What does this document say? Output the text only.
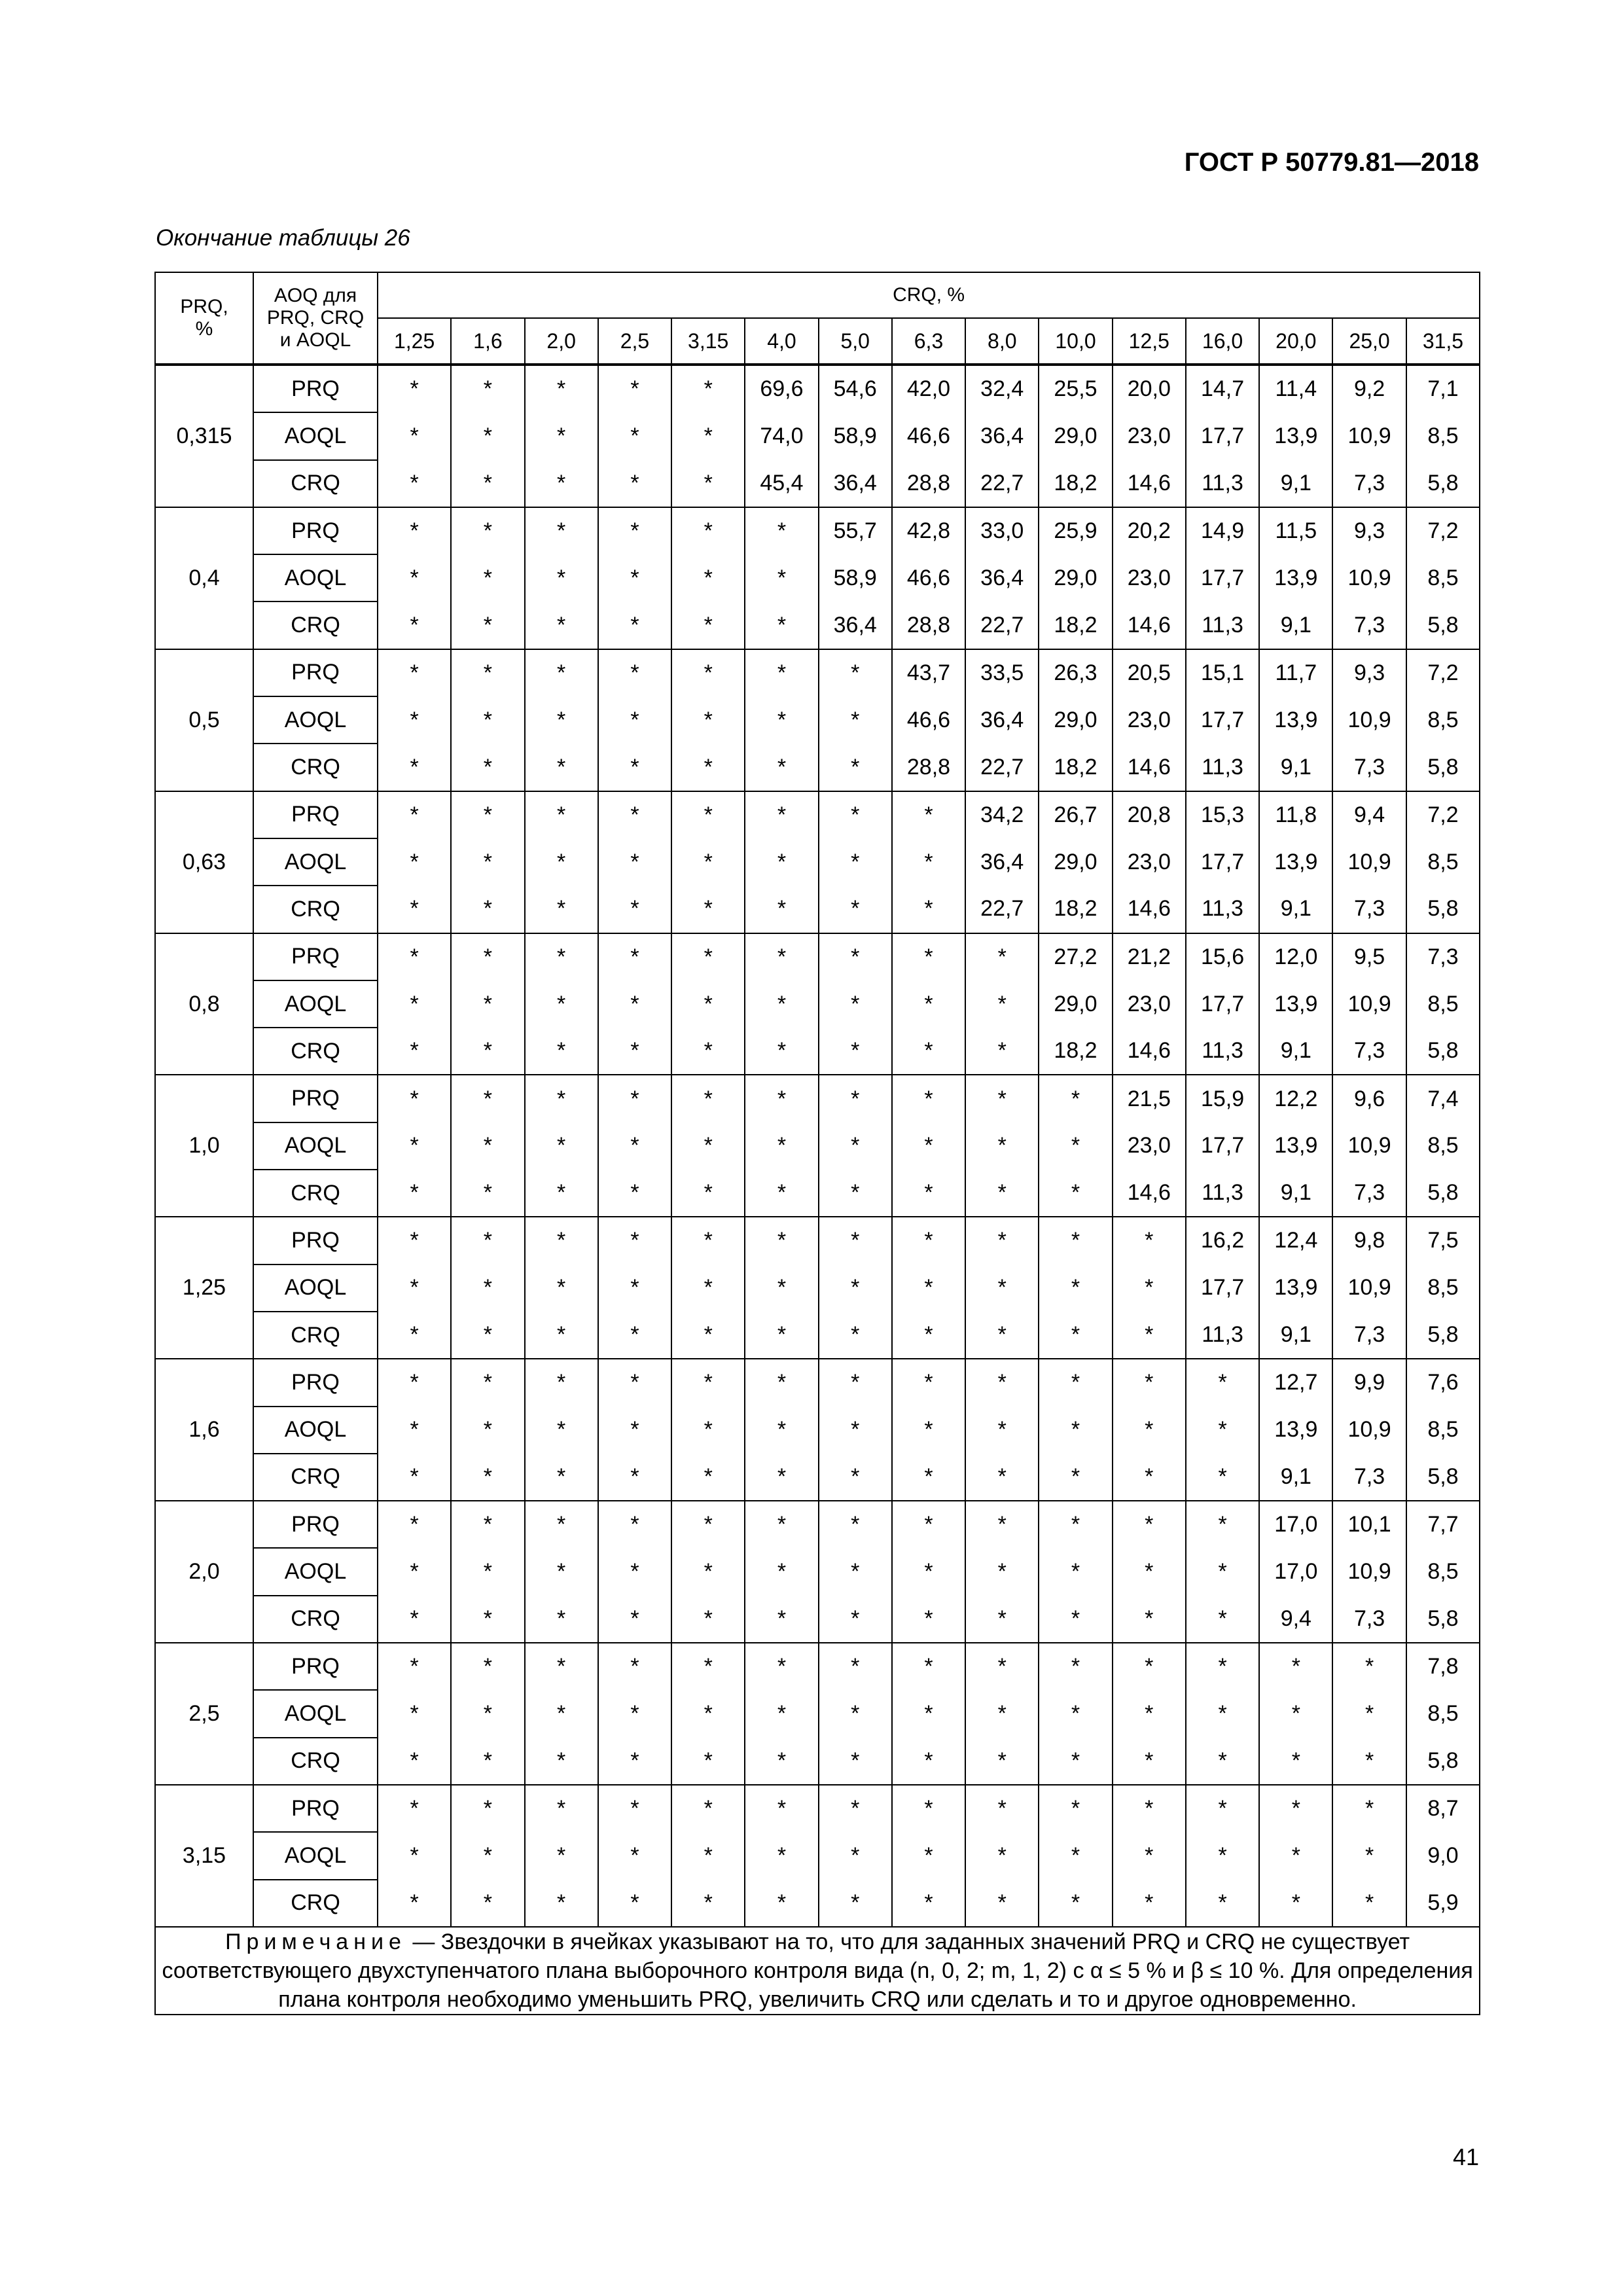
ГОСТ Р 50779.81—2018
Окончание таблицы 26
PRQ,
%	AOQ для
PRQ, CRQ
и AOQL	CRQ, %														
		1,25	1,6	2,0	2,5	3,15	4,0	5,0	6,3	8,0	10,0	12,5	16,0	20,0	25,0	31,5
0,315	PRQ	*	*	*	*	*	69,6	54,6	42,0	32,4	25,5	20,0	14,7	11,4	9,2	7,1
	AOQL	*	*	*	*	*	74,0	58,9	46,6	36,4	29,0	23,0	17,7	13,9	10,9	8,5
	CRQ	*	*	*	*	*	45,4	36,4	28,8	22,7	18,2	14,6	11,3	9,1	7,3	5,8
0,4	PRQ	*	*	*	*	*	*	55,7	42,8	33,0	25,9	20,2	14,9	11,5	9,3	7,2
	AOQL	*	*	*	*	*	*	58,9	46,6	36,4	29,0	23,0	17,7	13,9	10,9	8,5
	CRQ	*	*	*	*	*	*	36,4	28,8	22,7	18,2	14,6	11,3	9,1	7,3	5,8
0,5	PRQ	*	*	*	*	*	*	*	43,7	33,5	26,3	20,5	15,1	11,7	9,3	7,2
	AOQL	*	*	*	*	*	*	*	46,6	36,4	29,0	23,0	17,7	13,9	10,9	8,5
	CRQ	*	*	*	*	*	*	*	28,8	22,7	18,2	14,6	11,3	9,1	7,3	5,8
0,63	PRQ	*	*	*	*	*	*	*	*	34,2	26,7	20,8	15,3	11,8	9,4	7,2
	AOQL	*	*	*	*	*	*	*	*	36,4	29,0	23,0	17,7	13,9	10,9	8,5
	CRQ	*	*	*	*	*	*	*	*	22,7	18,2	14,6	11,3	9,1	7,3	5,8
0,8	PRQ	*	*	*	*	*	*	*	*	*	27,2	21,2	15,6	12,0	9,5	7,3
	AOQL	*	*	*	*	*	*	*	*	*	29,0	23,0	17,7	13,9	10,9	8,5
	CRQ	*	*	*	*	*	*	*	*	*	18,2	14,6	11,3	9,1	7,3	5,8
1,0	PRQ	*	*	*	*	*	*	*	*	*	*	21,5	15,9	12,2	9,6	7,4
	AOQL	*	*	*	*	*	*	*	*	*	*	23,0	17,7	13,9	10,9	8,5
	CRQ	*	*	*	*	*	*	*	*	*	*	14,6	11,3	9,1	7,3	5,8
1,25	PRQ	*	*	*	*	*	*	*	*	*	*	*	16,2	12,4	9,8	7,5
	AOQL	*	*	*	*	*	*	*	*	*	*	*	17,7	13,9	10,9	8,5
	CRQ	*	*	*	*	*	*	*	*	*	*	*	11,3	9,1	7,3	5,8
1,6	PRQ	*	*	*	*	*	*	*	*	*	*	*	*	12,7	9,9	7,6
	AOQL	*	*	*	*	*	*	*	*	*	*	*	*	13,9	10,9	8,5
	CRQ	*	*	*	*	*	*	*	*	*	*	*	*	9,1	7,3	5,8
2,0	PRQ	*	*	*	*	*	*	*	*	*	*	*	*	17,0	10,1	7,7
	AOQL	*	*	*	*	*	*	*	*	*	*	*	*	17,0	10,9	8,5
	CRQ	*	*	*	*	*	*	*	*	*	*	*	*	9,4	7,3	5,8
2,5	PRQ	*	*	*	*	*	*	*	*	*	*	*	*	*	*	7,8
	AOQL	*	*	*	*	*	*	*	*	*	*	*	*	*	*	8,5
	CRQ	*	*	*	*	*	*	*	*	*	*	*	*	*	*	5,8
3,15	PRQ	*	*	*	*	*	*	*	*	*	*	*	*	*	*	8,7
	AOQL	*	*	*	*	*	*	*	*	*	*	*	*	*	*	9,0
	CRQ	*	*	*	*	*	*	*	*	*	*	*	*	*	*	5,9
Примечание — Звездочки в ячейках указывают на то, что для заданных значений PRQ и CRQ не существует соответствующего двухступенчатого плана выборочного контроля вида (n, 0, 2; m, 1, 2) с α ≤ 5 % и β ≤ 10 %. Для определения плана контроля необходимо уменьшить PRQ, увеличить CRQ или сделать и то и другое одновременно.																
41
